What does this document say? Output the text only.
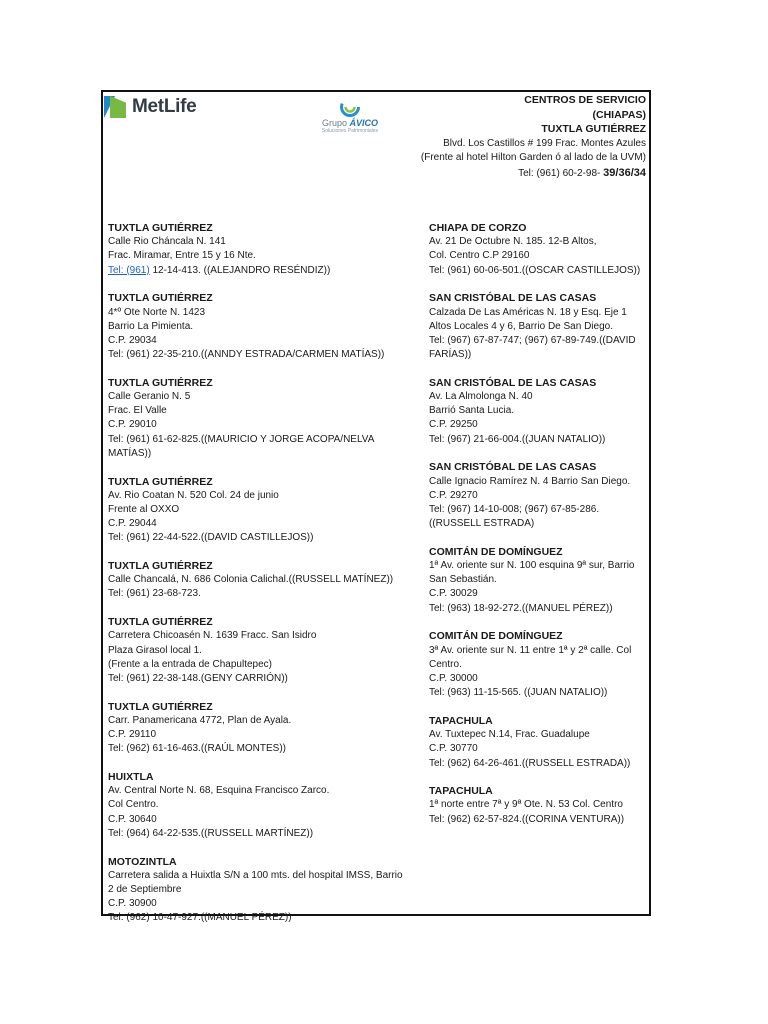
MetLife
Grupo ÁVICO
Soluciones Patrimoniales
CENTROS DE SERVICIO
(CHIAPAS)
TUXTLA GUTIÉRREZ
Blvd. Los Castillos # 199 Frac. Montes Azules
(Frente al hotel Hilton Garden ó al lado de la UVM)
Tel: (961) 60-2-98- 39/36/34
TUXTLA GUTIÉRREZ
Calle Rio Cháncala N. 141
Frac. Miramar, Entre 15 y 16 Nte.
Tel: (961) 12-14-413. ((ALEJANDRO RESÉNDIZ))
TUXTLA GUTIÉRREZ
4*º Ote Norte N. 1423
Barrio La Pimienta.
C.P. 29034
Tel: (961) 22-35-210.((ANNDY ESTRADA/CARMEN MATÍAS))
TUXTLA GUTIÉRREZ
Calle Geranio N. 5
Frac. El Valle
C.P. 29010
Tel: (961) 61-62-825.((MAURICIO Y JORGE ACOPA/NELVA MATÍAS))
TUXTLA GUTIÉRREZ
Av. Rio Coatan N. 520 Col. 24 de junio
Frente al OXXO
C.P. 29044
Tel: (961) 22-44-522.((DAVID CASTILLEJOS))
TUXTLA GUTIÉRREZ
Calle Chancalá, N. 686 Colonia Calichal.((RUSSELL MATÍNEZ))
Tel: (961) 23-68-723.
TUXTLA GUTIÉRREZ
Carretera Chicoasén N. 1639 Fracc. San Isidro
Plaza Girasol local 1.
(Frente a la entrada de Chapultepec)
Tel: (961) 22-38-148.(GENY CARRIÓN))
TUXTLA GUTIÉRREZ
Carr. Panamericana 4772, Plan de Ayala.
C.P. 29110
Tel: (962) 61-16-463.((RAÚL MONTES))
HUIXTLA
Av. Central Norte N. 68, Esquina Francisco Zarco.
Col Centro.
C.P. 30640
Tel: (964) 64-22-535.((RUSSELL MARTÍNEZ))
MOTOZINTLA
Carretera salida a Huixtla S/N a 100 mts. del hospital IMSS, Barrio
2 de Septiembre
C.P. 30900
Tel: (962) 10-47-927.((MANUEL PÉREZ))
CHIAPA DE CORZO
Av. 21 De Octubre N. 185. 12-B Altos,
Col. Centro C.P 29160
Tel: (961) 60-06-501.((OSCAR CASTILLEJOS))
SAN CRISTÓBAL DE LAS CASAS
Calzada De Las Américas N. 18 y Esq. Eje 1
Altos Locales 4 y 6, Barrio De San Diego.
Tel: (967) 67-87-747; (967) 67-89-749.((DAVID
FARÍAS))
SAN CRISTÓBAL DE LAS CASAS
Av. La Almolonga N. 40
Barrió Santa Lucia.
C.P. 29250
Tel: (967) 21-66-004.((JUAN NATALIO))
SAN CRISTÓBAL DE LAS CASAS
Calle Ignacio Ramírez N. 4 Barrio San Diego.
C.P. 29270
Tel: (967) 14-10-008; (967) 67-85-286.
((RUSSELL ESTRADA)
COMITÁN DE DOMÍNGUEZ
1ª Av. oriente sur N. 100 esquina 9ª sur, Barrio
San Sebastián.
C.P. 30029
Tel: (963) 18-92-272.((MANUEL PÉREZ))
COMITÁN DE DOMÍNGUEZ
3ª Av. oriente sur N. 11 entre 1ª y 2ª calle. Col
Centro.
C.P. 30000
Tel: (963) 11-15-565. ((JUAN NATALIO))
TAPACHULA
Av. Tuxtepec N.14, Frac. Guadalupe
C.P. 30770
Tel: (962) 64-26-461.((RUSSELL ESTRADA))
TAPACHULA
1ª norte entre 7ª y 9ª Ote. N. 53 Col. Centro
Tel: (962) 62-57-824.((CORINA VENTURA))
